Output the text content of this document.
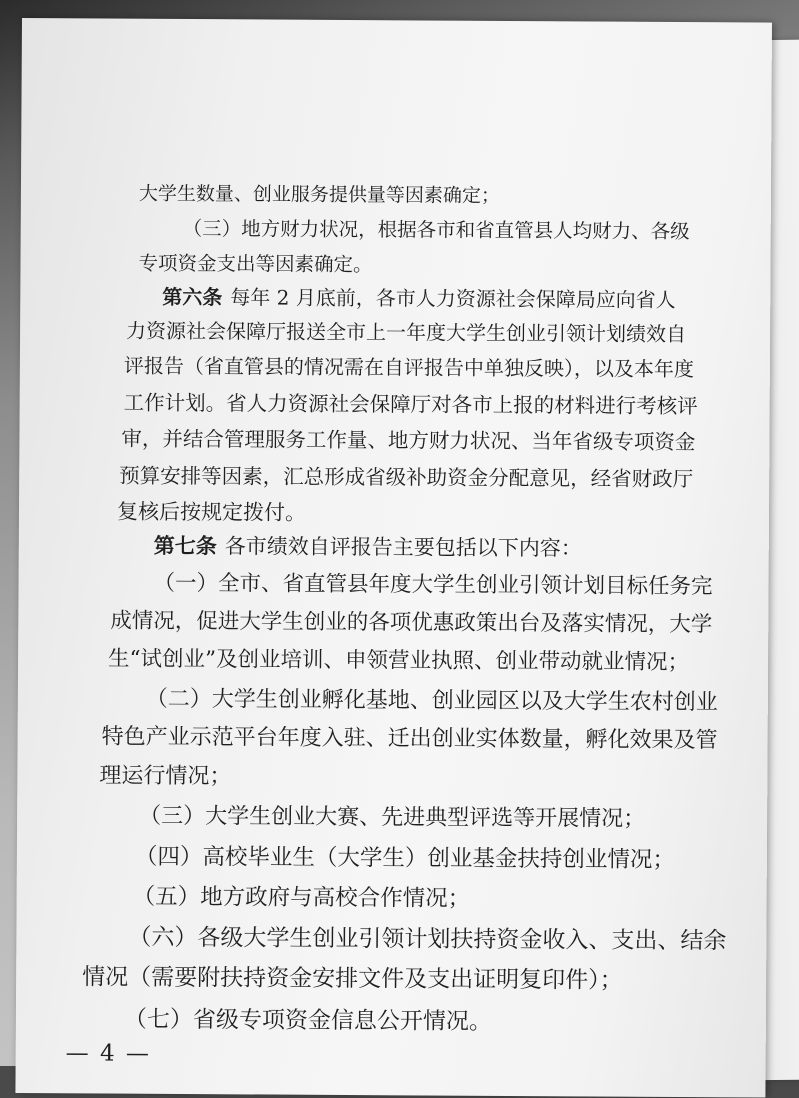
大学生数量、创业服务提供量等因素确定；
（三）地方财力状况，根据各市和省直管县人均财力、各级
专项资金支出等因素确定。
第六条 每年 2 月底前，各市人力资源社会保障局应向省人
力资源社会保障厅报送全市上一年度大学生创业引领计划绩效自
评报告（省直管县的情况需在自评报告中单独反映），以及本年度
工作计划。省人力资源社会保障厅对各市上报的材料进行考核评
审，并结合管理服务工作量、地方财力状况、当年省级专项资金
预算安排等因素，汇总形成省级补助资金分配意见，经省财政厅
复核后按规定拨付。
第七条 各市绩效自评报告主要包括以下内容：
（一）全市、省直管县年度大学生创业引领计划目标任务完
成情况，促进大学生创业的各项优惠政策出台及落实情况，大学
生“试创业”及创业培训、申领营业执照、创业带动就业情况；
（二）大学生创业孵化基地、创业园区以及大学生农村创业
特色产业示范平台年度入驻、迁出创业实体数量，孵化效果及管
理运行情况；
（三）大学生创业大赛、先进典型评选等开展情况；
（四）高校毕业生（大学生）创业基金扶持创业情况；
（五）地方政府与高校合作情况；
（六）各级大学生创业引领计划扶持资金收入、支出、结余
情况（需要附扶持资金安排文件及支出证明复印件）；
（七）省级专项资金信息公开情况。
— 4 —
